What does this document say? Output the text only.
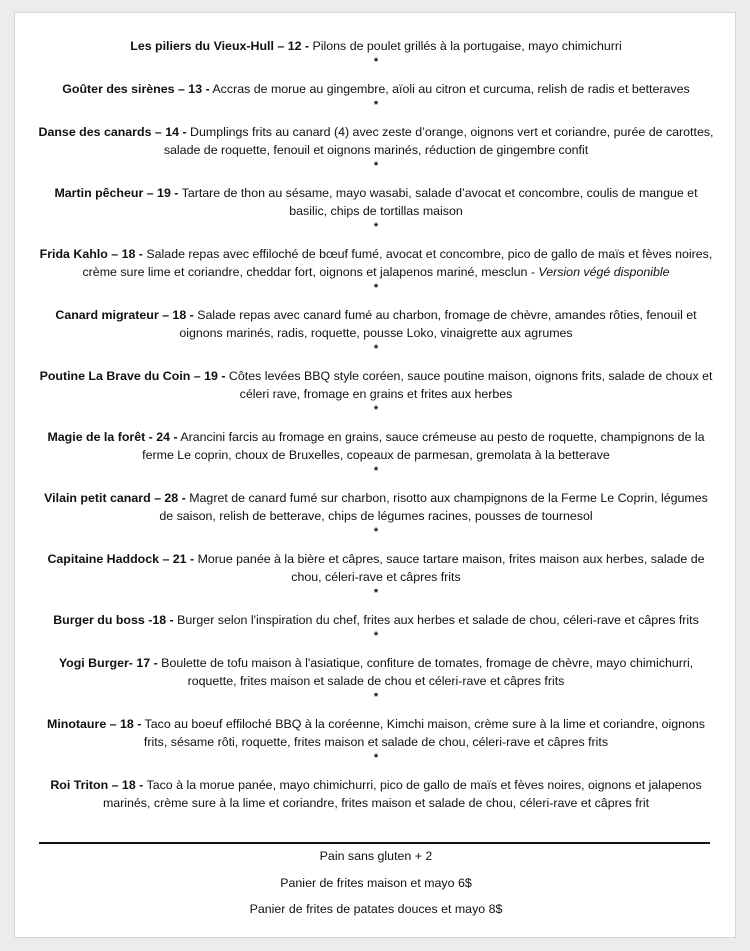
Les piliers du Vieux-Hull – 12 - Pilons de poulet grillés à la portugaise, mayo chimichurri

*

Goûter des sirènes – 13 - Accras de morue au gingembre, aïoli au citron et curcuma, relish de radis et betteraves

*

Danse des canards – 14 - Dumplings frits au canard (4) avec zeste d’orange, oignons vert et coriandre, purée de carottes, salade de roquette, fenouil et oignons marinés, réduction de gingembre confit

*

Martin pêcheur – 19 - Tartare de thon au sésame, mayo wasabi, salade d’avocat et concombre, coulis de mangue et basilic, chips de tortillas maison

*

Frida Kahlo – 18 - Salade repas avec effiloché de bœuf fumé, avocat et concombre, pico de gallo de maïs et fèves noires, crème sure lime et coriandre, cheddar fort, oignons et jalapenos mariné, mesclun - Version végé disponible

*

Canard migrateur – 18 - Salade repas avec canard fumé au charbon, fromage de chèvre, amandes rôties, fenouil et oignons marinés, radis, roquette, pousse Loko, vinaigrette aux agrumes

*

Poutine La Brave du Coin – 19 - Côtes levées BBQ style coréen, sauce poutine maison, oignons frits, salade de choux et céleri rave, fromage en grains et frites aux herbes

*

Magie de la forêt - 24 - Arancini farcis au fromage en grains, sauce crémeuse au pesto de roquette, champignons de la ferme Le coprin, choux de Bruxelles, copeaux de parmesan, gremolata à la betterave

*

Vilain petit canard – 28 - Magret de canard fumé sur charbon, risotto aux champignons de la Ferme Le Coprin, légumes de saison, relish de betterave, chips de légumes racines, pousses de tournesol

*

Capitaine Haddock – 21 - Morue panée à la bière et câpres, sauce tartare maison, frites maison aux herbes, salade de chou, céleri-rave et câpres frits

*

Burger du boss -18 - Burger selon l'inspiration du chef, frites aux herbes et salade de chou, céleri-rave et câpres frits

*

Yogi Burger- 17 - Boulette de tofu maison à l'asiatique, confiture de tomates, fromage de chèvre, mayo chimichurri, roquette, frites maison et salade de chou et céleri-rave et câpres frits

*

Minotaure – 18 - Taco au boeuf effiloché BBQ à la coréenne, Kimchi maison, crème sure à la lime et coriandre, oignons frits, sésame rôti, roquette, frites maison et salade de chou, céleri-rave et câpres frits

*

Roi Triton – 18 - Taco à la morue panée, mayo chimichurri, pico de gallo de maïs et fèves noires, oignons et jalapenos marinés, crème sure à la lime et coriandre, frites maison et salade de chou, céleri-rave et câpres frit

Pain sans gluten + 2

Panier de frites maison et mayo 6$

Panier de frites de patates douces et mayo 8$
